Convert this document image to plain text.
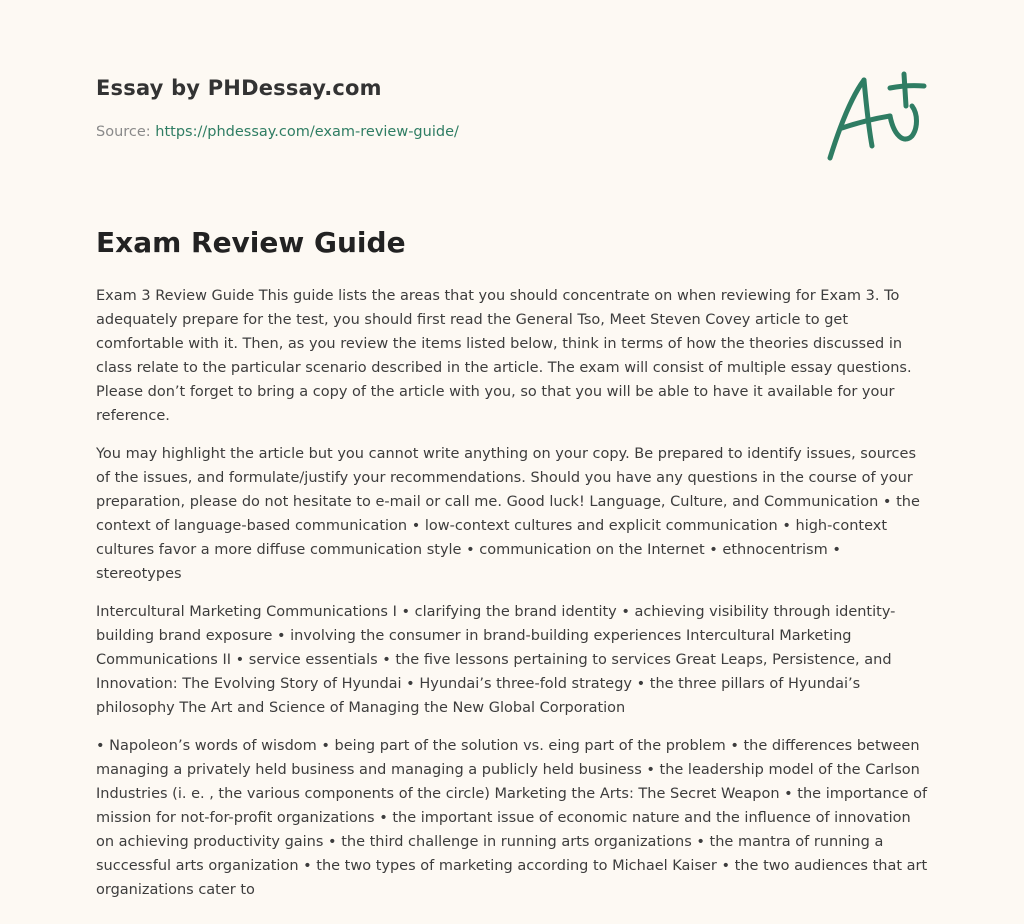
Essay by PHDessay.com
Source: https://phdessay.com/exam-review-guide/
Exam Review Guide

Exam 3 Review Guide This guide lists the areas that you should concentrate on when reviewing for Exam 3. To adequately prepare for the test, you should first read the General Tso, Meet Steven Covey article to get comfortable with it. Then, as you review the items listed below, think in terms of how the theories discussed in class relate to the particular scenario described in the article. The exam will consist of multiple essay questions. Please don’t forget to bring a copy of the article with you, so that you will be able to have it available for your reference.

You may highlight the article but you cannot write anything on your copy. Be prepared to identify issues, sources of the issues, and formulate/justify your recommendations. Should you have any questions in the course of your preparation, please do not hesitate to e-mail or call me. Good luck! Language, Culture, and Communication • the context of language-based communication • low-context cultures and explicit communication • high-context cultures favor a more diffuse communication style • communication on the Internet • ethnocentrism • stereotypes

Intercultural Marketing Communications I • clarifying the brand identity • achieving visibility through identity-building brand exposure • involving the consumer in brand-building experiences Intercultural Marketing Communications II • service essentials • the five lessons pertaining to services Great Leaps, Persistence, and Innovation: The Evolving Story of Hyundai • Hyundai’s three-fold strategy • the three pillars of Hyundai’s philosophy The Art and Science of Managing the New Global Corporation

• Napoleon’s words of wisdom • being part of the solution vs. eing part of the problem • the differences between managing a privately held business and managing a publicly held business • the leadership model of the Carlson Industries (i. e. , the various components of the circle) Marketing the Arts: The Secret Weapon • the importance of mission for not-for-profit organizations • the important issue of economic nature and the influence of innovation on achieving productivity gains • the third challenge in running arts organizations • the mantra of running a successful arts organization • the two types of marketing according to Michael Kaiser • the two audiences that art organizations cater to
